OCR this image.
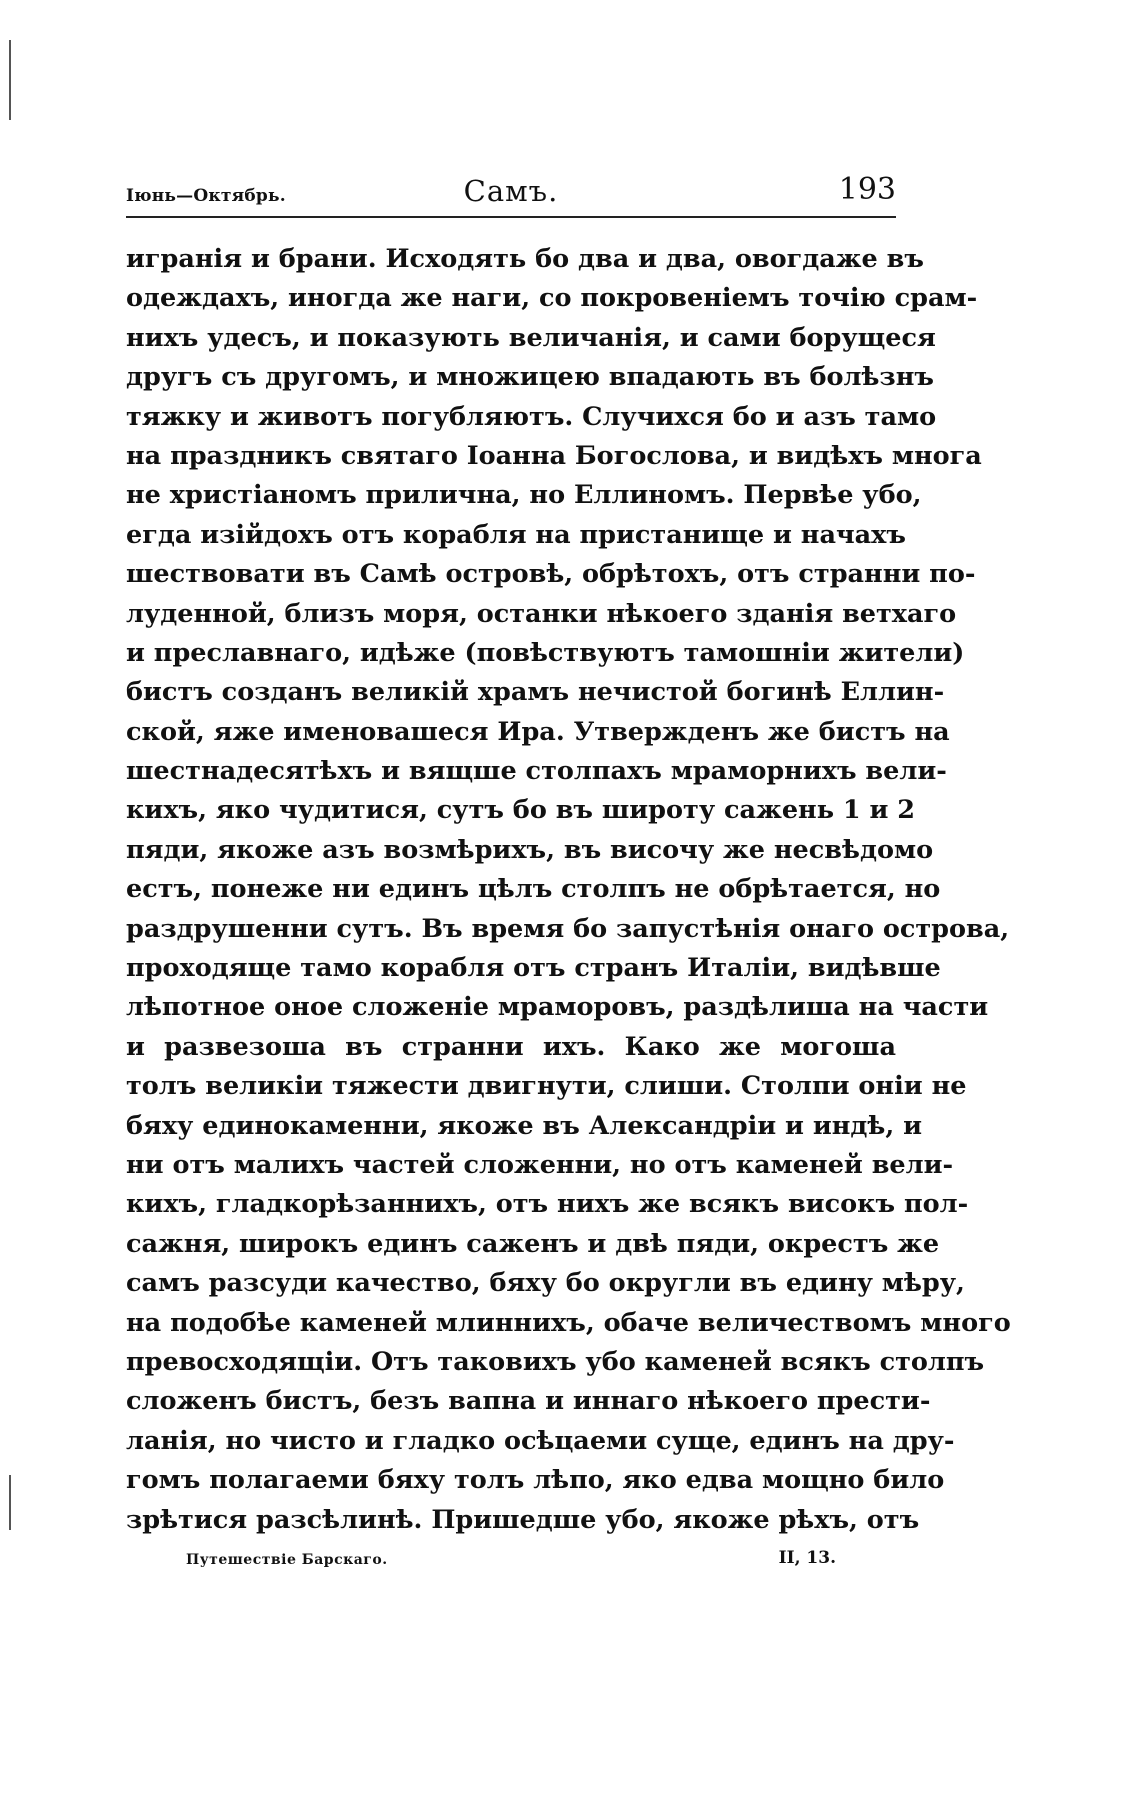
Іюнь—Октябрь.	Самъ.	193
игранія и брани. Исходять бо два и два, овогдаже въ
одеждахъ, иногда же наги, со покровеніемъ точію срам-
нихъ удесъ, и показують величанія, и сами борущеся
другъ съ другомъ, и множицею впадають въ болѣзнъ
тяжку и животъ погубляютъ. Случихся бо и азъ тамо
на праздникъ святаго Іоанна Богослова, и видѣхъ многа
не христіаномъ прилична, но Еллиномъ. Первѣе убо,
егда изійдохъ отъ корабля на пристанище и начахъ
шествовати въ Самѣ островѣ, обрѣтохъ, отъ странни по-
луденной, близъ моря, останки нѣкоего зданія ветхаго
и преславнаго, идѣже (повѣствуютъ тамошніи жители)
бистъ созданъ великій храмъ нечистой богинѣ Еллин-
ской, яже именовашеся Ира. Утвержденъ же бистъ на
шестнадесятѣхъ и вящше столпахъ мраморнихъ вели-
кихъ, яко чудитися, сутъ бо въ широту сажень 1 и 2
пяди, якоже азъ возмѣрихъ, въ височу же несвѣдомо
естъ, понеже ни единъ цѣлъ столпъ не обрѣтается, но
раздрушенни сутъ. Въ время бо запустѣнія онаго острова,
проходяще тамо корабля отъ странъ Италіи, видѣвше
лѣпотное оное сложеніе мраморовъ, раздѣлиша на части
и развезоша въ странни ихъ. Како же могоша
толъ великіи тяжести двигнути, слиши. Столпи оніи не
бяху единокаменни, якоже въ Александріи и индѣ, и
ни отъ малихъ частей сложенни, но отъ каменей вели-
кихъ, гладкорѣзаннихъ, отъ нихъ же всякъ високъ пол-
сажня, широкъ единъ саженъ и двѣ пяди, окрестъ же
самъ разсуди качество, бяху бо округли въ едину мѣру,
на подобѣе каменей млиннихъ, обаче величествомъ много
превосходящіи. Отъ таковихъ убо каменей всякъ столпъ
сложенъ бистъ, безъ вапна и иннаго нѣкоего прести-
ланія, но чисто и гладко осѣцаеми суще, единъ на дру-
гомъ полагаеми бяху толъ лѣпо, яко едва мощно било
зрѣтися разсѣлинѣ. Пришедше убо, якоже рѣхъ, отъ
Путешествіе Барскаго.	II, 13.
